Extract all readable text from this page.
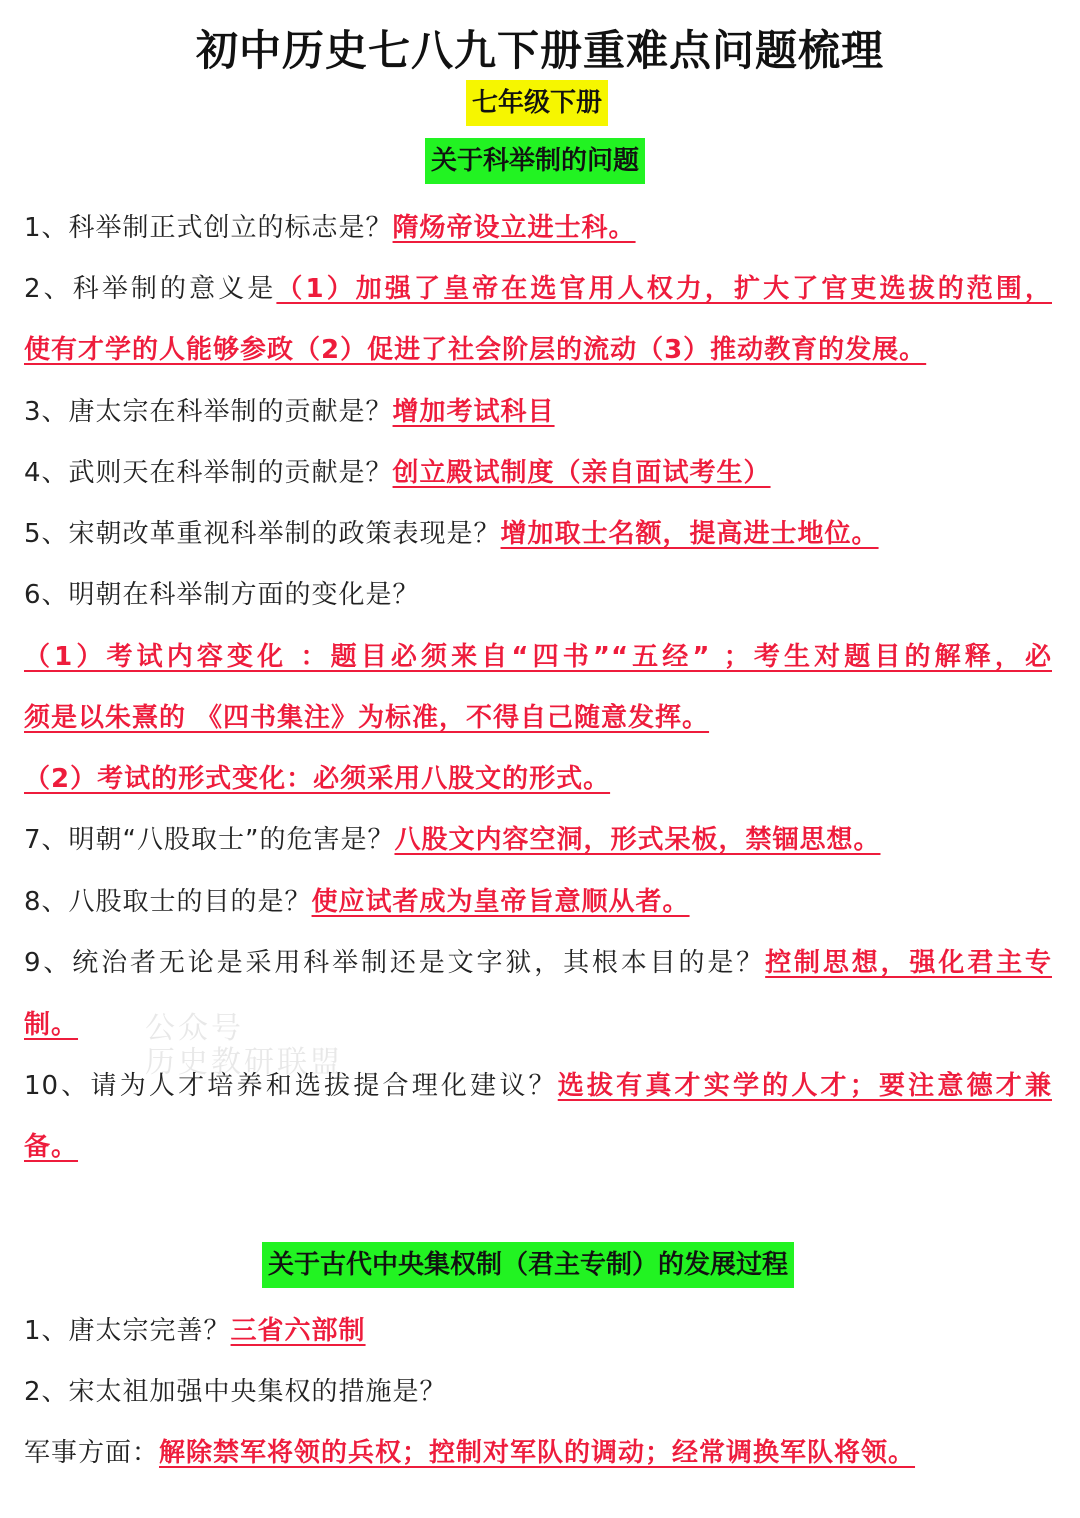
初中历史七八九下册重难点问题梳理
七年级下册
关于科举制的问题
1、科举制正式创立的标志是？隋炀帝设立进士科。
2、科举制的意义是（1）加强了皇帝在选官用人权力，扩大了官吏选拔的范围，
使有才学的人能够参政（2）促进了社会阶层的流动（3）推动教育的发展。
3、唐太宗在科举制的贡献是？增加考试科目
4、武则天在科举制的贡献是？创立殿试制度（亲自面试考生）
5、宋朝改革重视科举制的政策表现是？增加取士名额，提高进士地位。
6、明朝在科举制方面的变化是？
（1）考试内容变化 ：题目必须来自“四书”“五经” ；考生对题目的解释，必
须是以朱熹的 《四书集注》为标准，不得自己随意发挥。
（2）考试的形式变化：必须采用八股文的形式。
7、明朝“八股取士”的危害是？八股文内容空洞，形式呆板，禁锢思想。
8、八股取士的目的是？使应试者成为皇帝旨意顺从者。
9、统治者无论是采用科举制还是文字狱，其根本目的是？控制思想，强化君主专
制。 公众号
历史教研联盟
10、请为人才培养和选拔提合理化建议？选拔有真才实学的人才；要注意德才兼
备。
关于古代中央集权制（君主专制）的发展过程
1、唐太宗完善？三省六部制
2、宋太祖加强中央集权的措施是？
军事方面：解除禁军将领的兵权；控制对军队的调动；经常调换军队将领。
